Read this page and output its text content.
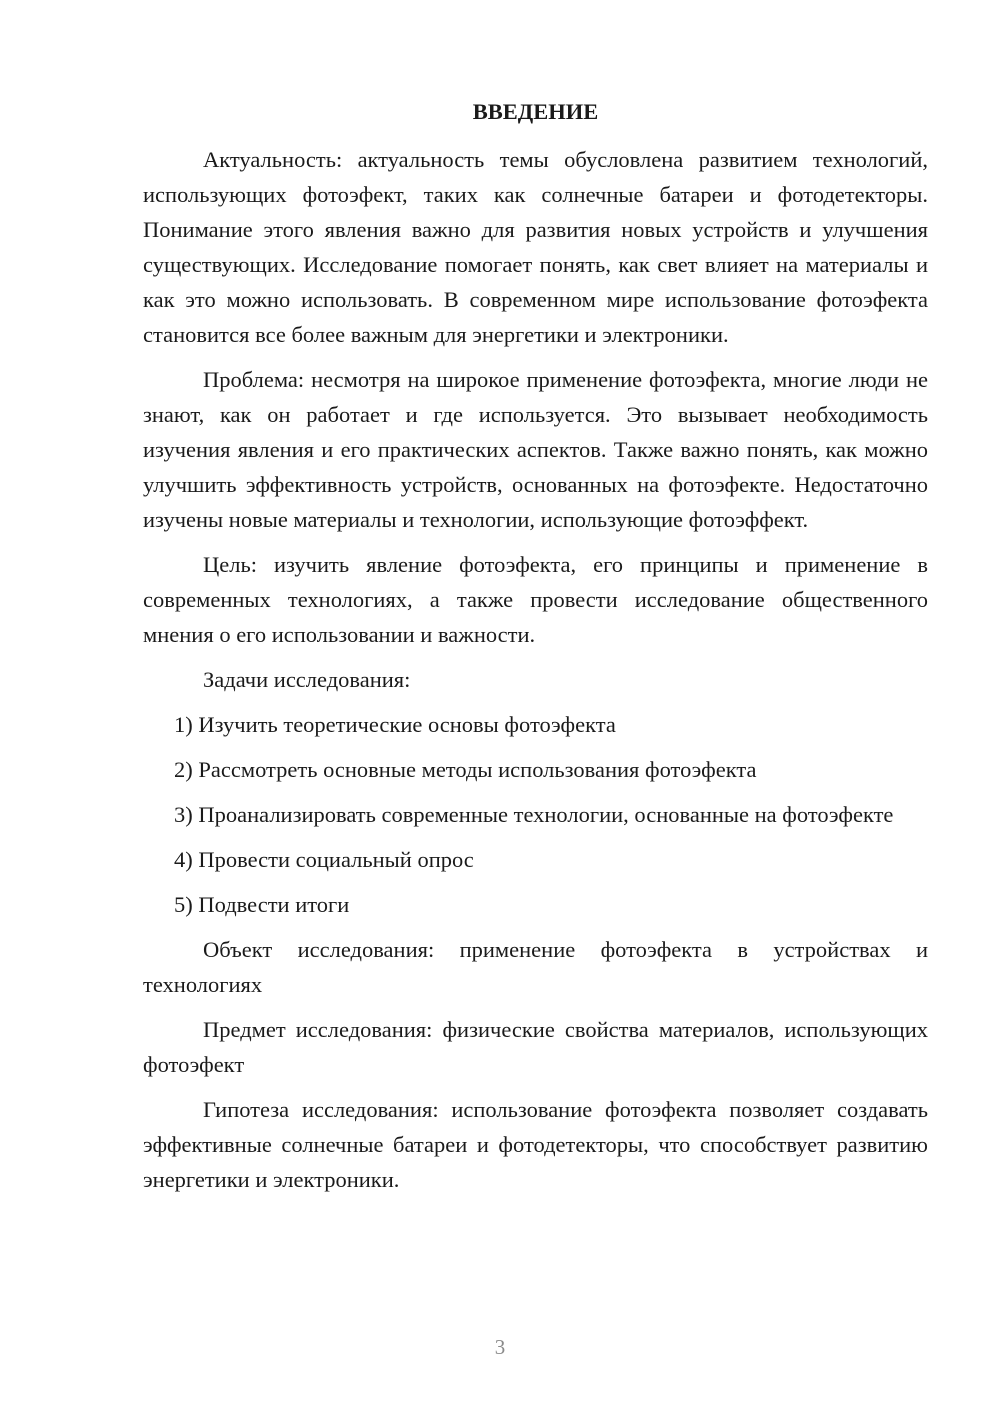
ВВЕДЕНИЕ

Актуальность: актуальность темы обусловлена развитием технологий, использующих фотоэфект, таких как солнечные батареи и фотодетекторы. Понимание этого явления важно для развития новых устройств и улучшения существующих. Исследование помогает понять, как свет влияет на материалы и как это можно использовать. В современном мире использование фотоэфекта становится все более важным для энергетики и электроники.

Проблема: несмотря на широкое применение фотоэфекта, многие люди не знают, как он работает и где используется. Это вызывает необходимость изучения явления и его практических аспектов. Также важно понять, как можно улучшить эффективность устройств, основанных на фотоэфекте. Недостаточно изучены новые материалы и технологии, использующие фотоэффект.

Цель: изучить явление фотоэфекта, его принципы и применение в современных технологиях, а также провести исследование общественного мнения о его использовании и важности.

Задачи исследования:

1) Изучить теоретические основы фотоэфекта

2) Рассмотреть основные методы использования фотоэфекта

3) Проанализировать современные технологии, основанные на фотоэфекте

4) Провести социальный опрос

5) Подвести итоги

Объект исследования: применение фотоэфекта в устройствах и технологиях

Предмет исследования: физические свойства материалов, использующих фотоэфект

Гипотеза исследования: использование фотоэфекта позволяет создавать эффективные солнечные батареи и фотодетекторы, что способствует развитию энергетики и электроники.

3
